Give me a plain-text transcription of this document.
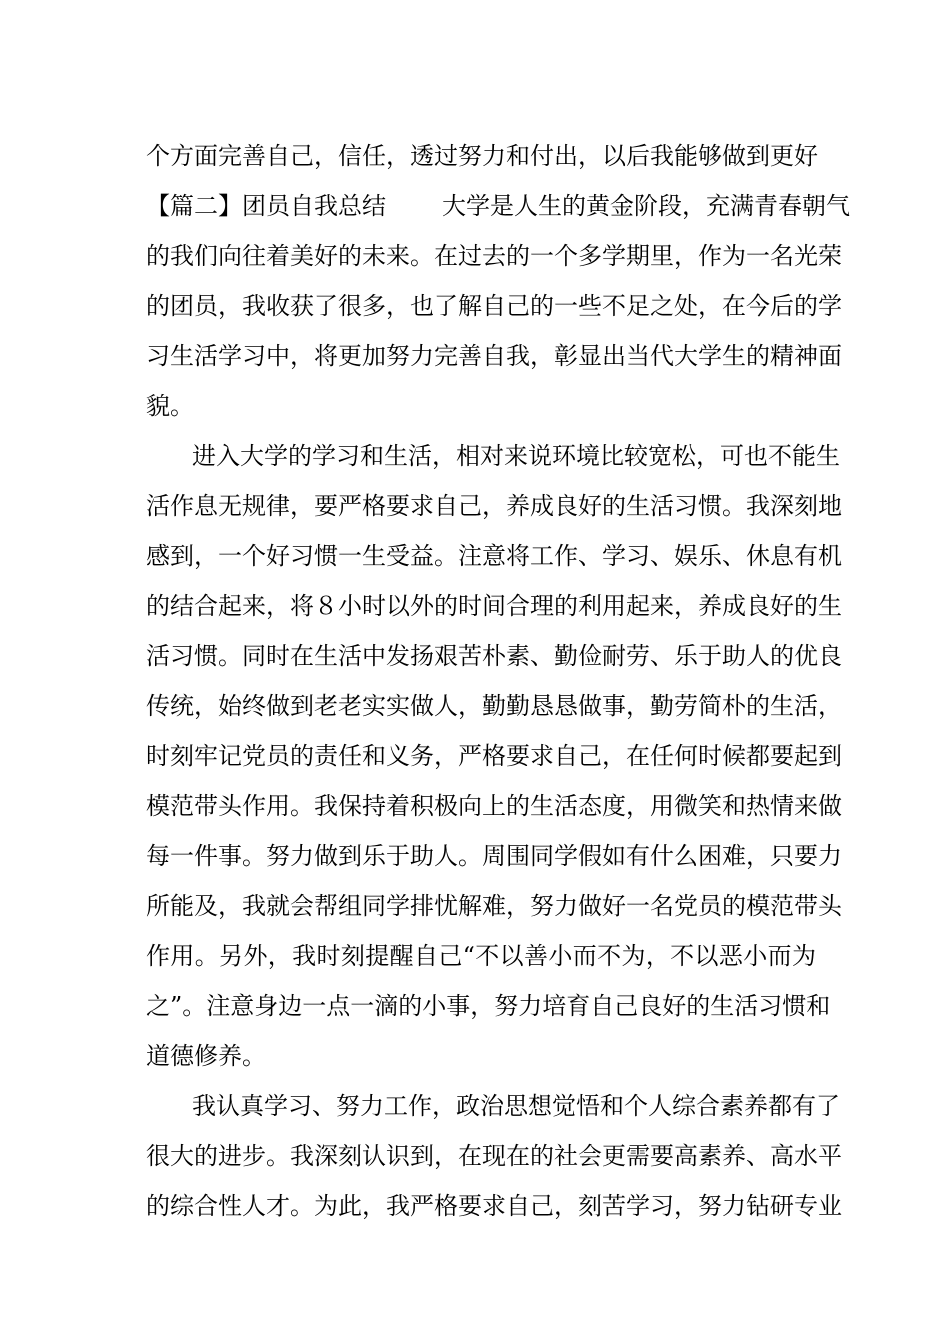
个方面完善自己，信任，透过努力和付出，以后我能够做到更好
【篇二】团员自我总结 大学是人生的黄金阶段，充满青春朝气
的我们向往着美好的未来。在过去的一个多学期里，作为一名光荣
的团员，我收获了很多，也了解自己的一些不足之处，在今后的学
习生活学习中，将更加努力完善自我，彰显出当代大学生的精神面
貌。
进入大学的学习和生活，相对来说环境比较宽松，可也不能生
活作息无规律，要严格要求自己，养成良好的生活习惯。我深刻地
感到，一个好习惯一生受益。注意将工作、学习、娱乐、休息有机
的结合起来，将８小时以外的时间合理的利用起来，养成良好的生
活习惯。同时在生活中发扬艰苦朴素、勤俭耐劳、乐于助人的优良
传统，始终做到老老实实做人，勤勤恳恳做事，勤劳简朴的生活，
时刻牢记党员的责任和义务，严格要求自己，在任何时候都要起到
模范带头作用。我保持着积极向上的生活态度，用微笑和热情来做
每一件事。努力做到乐于助人。周围同学假如有什么困难，只要力
所能及，我就会帮组同学排忧解难，努力做好一名党员的模范带头
作用。另外，我时刻提醒自己“不以善小而不为，不以恶小而为
之”。注意身边一点一滴的小事，努力培育自己良好的生活习惯和
道德修养。
我认真学习、努力工作，政治思想觉悟和个人综合素养都有了
很大的进步。我深刻认识到，在现在的社会更需要高素养、高水平
的综合性人才。为此，我严格要求自己，刻苦学习，努力钻研专业
